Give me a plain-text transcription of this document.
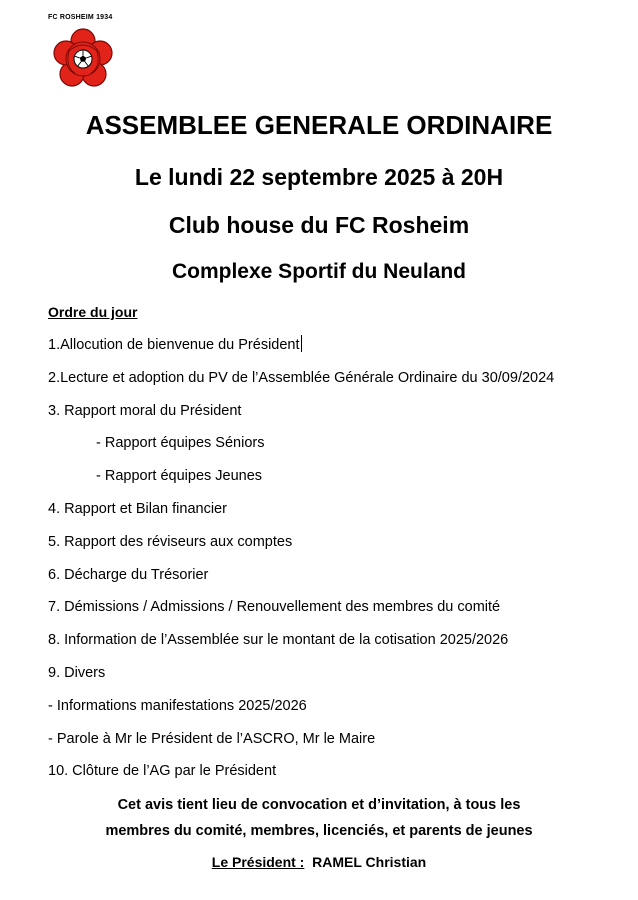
FC ROSHEIM 1934
ASSEMBLEE GENERALE ORDINAIRE
Le lundi 22 septembre 2025 à 20H
Club house du FC Rosheim
Complexe Sportif du Neuland
Ordre du jour
1.Allocution de bienvenue du Président
2.Lecture et adoption du PV de l’Assemblée Générale Ordinaire du 30/09/2024
3. Rapport moral du Président
- Rapport équipes Séniors
- Rapport équipes Jeunes
4. Rapport et Bilan financier
5. Rapport des réviseurs aux comptes
6. Décharge du Trésorier
7. Démissions / Admissions / Renouvellement des membres du comité
8. Information de l’Assemblée sur le montant de la cotisation 2025/2026
9. Divers
- Informations manifestations 2025/2026
- Parole à Mr le Président de l’ASCRO, Mr le Maire
10. Clôture de l’AG par le Président
Cet avis tient lieu de convocation et d’invitation, à tous les
membres du comité, membres, licenciés, et parents de jeunes
Le Président : RAMEL Christian
